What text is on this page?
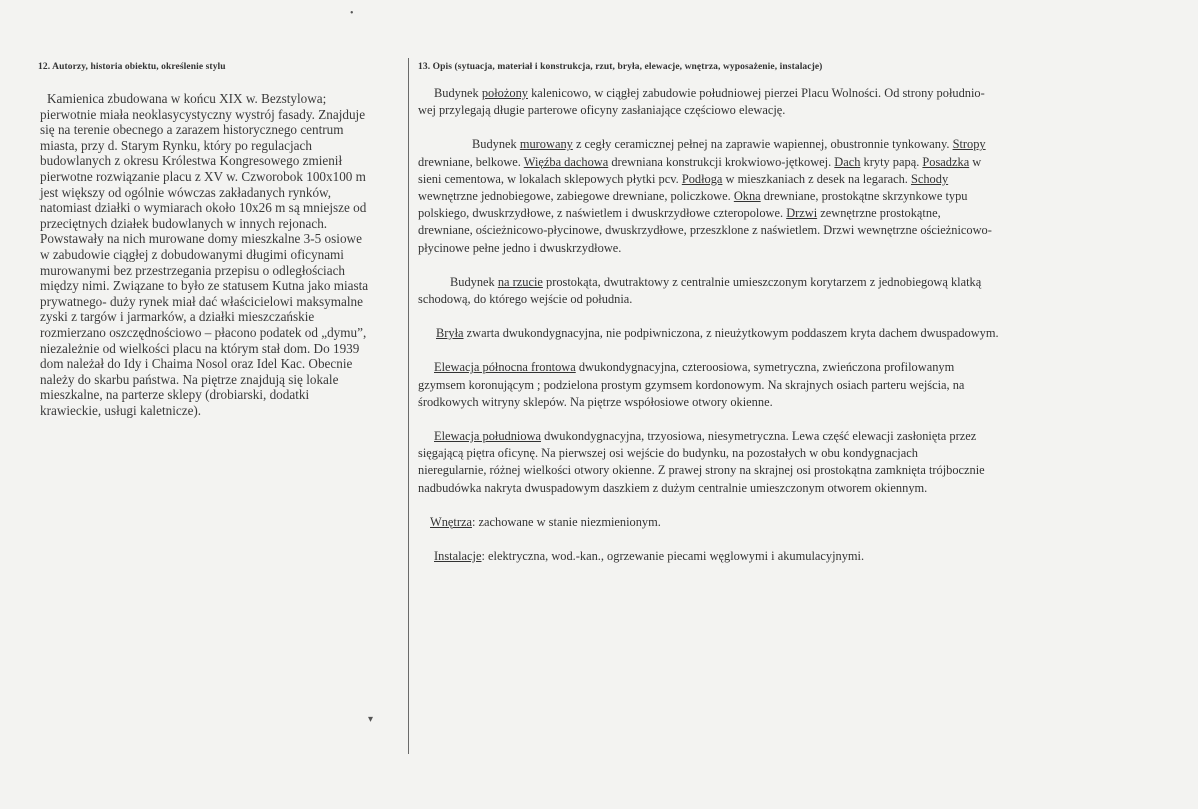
•
▾

12. Autorzy, historia obiektu, określenie stylu

Kamienica zbudowana w końcu XIX w. Bezstylowa;
pierwotnie miała neoklasycystyczny wystrój fasady. Znajduje
się na terenie obecnego a zarazem historycznego centrum
miasta, przy d. Starym Rynku, który po regulacjach
budowlanych z okresu Królestwa Kongresowego zmienił
pierwotne rozwiązanie placu z XV w. Czworobok 100x100 m
jest większy od ogólnie wówczas zakładanych rynków,
natomiast działki o wymiarach około 10x26 m są mniejsze od
przeciętnych działek budowlanych w innych rejonach.
Powstawały na nich murowane domy mieszkalne 3-5 osiowe
w zabudowie ciągłej z dobudowanymi długimi oficynami
murowanymi bez przestrzegania przepisu o odległościach
między nimi. Związane to było ze statusem Kutna jako miasta
prywatnego- duży rynek miał dać właścicielowi maksymalne
zyski z targów i jarmarków, a działki mieszczańskie
rozmierzano oszczędnościowo – płacono podatek od „dymu”,
niezależnie od wielkości placu na którym stał dom. Do 1939
dom należał do Idy i Chaima Nosol oraz Idel Kac. Obecnie
należy do skarbu państwa. Na piętrze znajdują się lokale
mieszkalne, na parterze sklepy (drobiarski, dodatki
krawieckie, usługi kaletnicze).

13. Opis (sytuacja, materiał i konstrukcja, rzut, bryła, elewacje, wnętrza, wyposażenie, instalacje)

Budynek położony kalenicowo, w ciągłej zabudowie południowej pierzei Placu Wolności. Od strony południo-
wej przylegają długie parterowe oficyny zasłaniające częściowo elewację.
Budynek murowany z cegły ceramicznej pełnej na zaprawie wapiennej, obustronnie tynkowany. Stropy
drewniane, belkowe. Więźba dachowa drewniana konstrukcji krokwiowo-jętkowej. Dach kryty papą. Posadzka w
sieni cementowa, w lokalach sklepowych płytki pcv. Podłoga w mieszkaniach z desek na legarach. Schody
wewnętrzne jednobiegowe, zabiegowe drewniane, policzkowe. Okna drewniane, prostokątne skrzynkowe typu
polskiego, dwuskrzydłowe, z naświetlem i dwuskrzydłowe czteropolowe. Drzwi zewnętrzne prostokątne,
drewniane, ościeżnicowo-płycinowe, dwuskrzydłowe, przeszklone z naświetlem. Drzwi wewnętrzne ościeżnicowo-
płycinowe pełne jedno i dwuskrzydłowe.
Budynek na rzucie prostokąta, dwutraktowy z centralnie umieszczonym korytarzem z jednobiegową klatką
schodową, do którego wejście od południa.
Bryła zwarta dwukondygnacyjna, nie podpiwniczona, z nieużytkowym poddaszem kryta dachem dwuspadowym.
Elewacja północna frontowa dwukondygnacyjna, czteroosiowa, symetryczna, zwieńczona profilowanym
gzymsem koronującym ; podzielona prostym gzymsem kordonowym. Na skrajnych osiach parteru wejścia, na
środkowych witryny sklepów. Na piętrze współosiowe otwory okienne.
Elewacja południowa dwukondygnacyjna, trzyosiowa, niesymetryczna. Lewa część elewacji zasłonięta przez
sięgającą piętra oficynę. Na pierwszej osi wejście do budynku, na pozostałych w obu kondygnacjach
nieregularnie, różnej wielkości otwory okienne. Z prawej strony na skrajnej osi prostokątna zamknięta trójbocznie
nadbudówka nakryta dwuspadowym daszkiem z dużym centralnie umieszczonym otworem okiennym.
Wnętrza: zachowane w stanie niezmienionym.
Instalacje: elektryczna, wod.-kan., ogrzewanie piecami węglowymi i akumulacyjnymi.
